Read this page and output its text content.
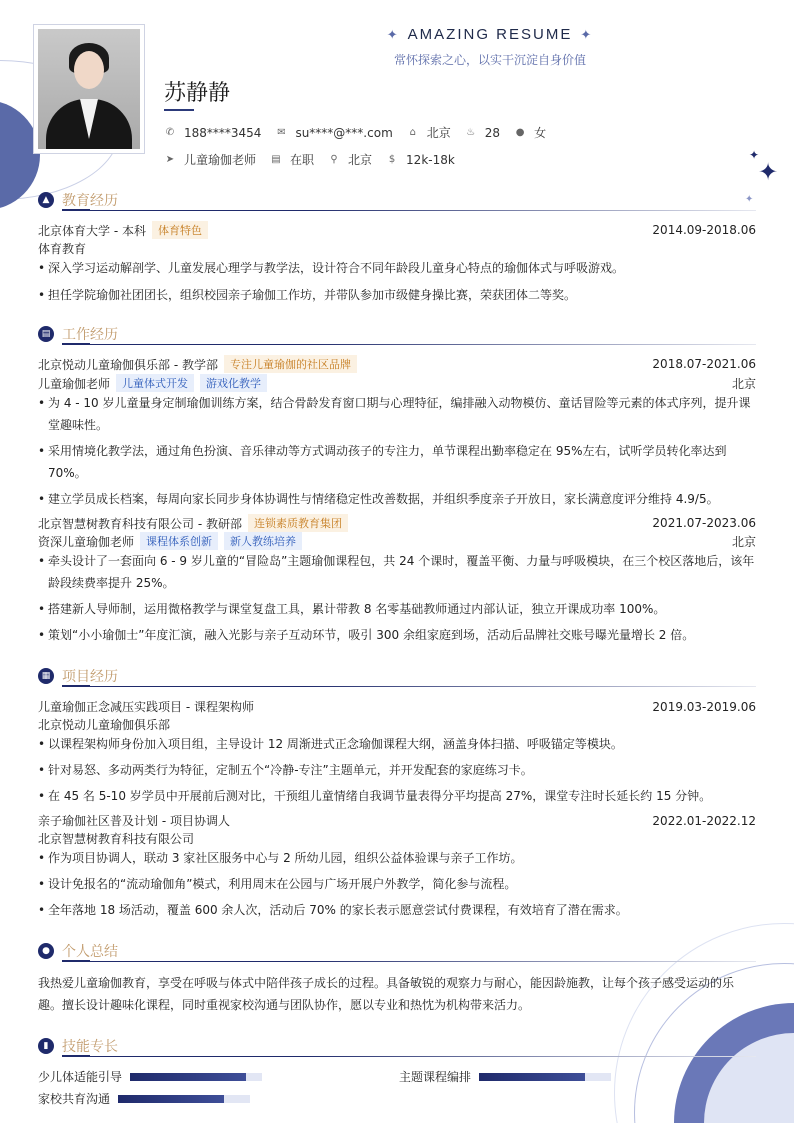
✦
✦
✦
✦ AMAZING RESUME ✦
常怀探索之心，以实干沉淀自身价值
苏静静
✆ 188****3454 ✉ su****@***.com ⌂ 北京 ♨ 28 ● 女
➤ 儿童瑜伽老师 ▤ 在职 ⚲ 北京 $ 12k-18k
▲ 教育经历
北京体育大学 - 本科	体育特色	2014.09-2018.06
体育教育
• 深入学习运动解剖学、儿童发展心理学与教学法，设计符合不同年龄段儿童身心特点的瑜伽体式与呼吸游戏。
• 担任学院瑜伽社团团长，组织校园亲子瑜伽工作坊，并带队参加市级健身操比赛，荣获团体二等奖。
▤ 工作经历
北京悦动儿童瑜伽俱乐部 - 教学部	专注儿童瑜伽的社区品牌	2018.07-2021.06
儿童瑜伽老师	儿童体式开发	游戏化教学	北京
• 为 4 - 10 岁儿童量身定制瑜伽训练方案，结合骨龄发育窗口期与心理特征，编排融入动物模仿、童话冒险等元素的体式序列，提升课
堂趣味性。
• 采用情境化教学法，通过角色扮演、音乐律动等方式调动孩子的专注力，单节课程出勤率稳定在 95%左右，试听学员转化率达到
70%。
• 建立学员成长档案，每周向家长同步身体协调性与情绪稳定性改善数据，并组织季度亲子开放日，家长满意度评分维持 4.9/5。
北京智慧树教育科技有限公司 - 教研部	连锁素质教育集团	2021.07-2023.06
资深儿童瑜伽老师	课程体系创新	新人教练培养	北京
• 牵头设计了一套面向 6 - 9 岁儿童的“冒险岛”主题瑜伽课程包，共 24 个课时，覆盖平衡、力量与呼吸模块，在三个校区落地后，该年
龄段续费率提升 25%。
• 搭建新人导师制，运用微格教学与课堂复盘工具，累计带教 8 名零基础教师通过内部认证，独立开课成功率 100%。
• 策划“小小瑜伽士”年度汇演，融入光影与亲子互动环节，吸引 300 余组家庭到场，活动后品牌社交账号曝光量增长 2 倍。
▦ 项目经历
儿童瑜伽正念减压实践项目 - 课程架构师	2019.03-2019.06
北京悦动儿童瑜伽俱乐部
• 以课程架构师身份加入项目组，主导设计 12 周渐进式正念瑜伽课程大纲，涵盖身体扫描、呼吸锚定等模块。
• 针对易怒、多动两类行为特征，定制五个“冷静-专注”主题单元，并开发配套的家庭练习卡。
• 在 45 名 5-10 岁学员中开展前后测对比，干预组儿童情绪自我调节量表得分平均提高 27%，课堂专注时长延长约 15 分钟。
亲子瑜伽社区普及计划 - 项目协调人	2022.01-2022.12
北京智慧树教育科技有限公司
• 作为项目协调人，联动 3 家社区服务中心与 2 所幼儿园，组织公益体验课与亲子工作坊。
• 设计免报名的“流动瑜伽角”模式，利用周末在公园与广场开展户外教学，简化参与流程。
• 全年落地 18 场活动，覆盖 600 余人次，活动后 70% 的家长表示愿意尝试付费课程，有效培育了潜在需求。
● 个人总结
我热爱儿童瑜伽教育，享受在呼吸与体式中陪伴孩子成长的过程。具备敏锐的观察力与耐心，能因龄施教，让每个孩子感受运动的乐
趣。擅长设计趣味化课程，同时重视家校沟通与团队协作，愿以专业和热忱为机构带来活力。
▮ 技能专长
少儿体适能引导	主题课程编排
家校共育沟通
